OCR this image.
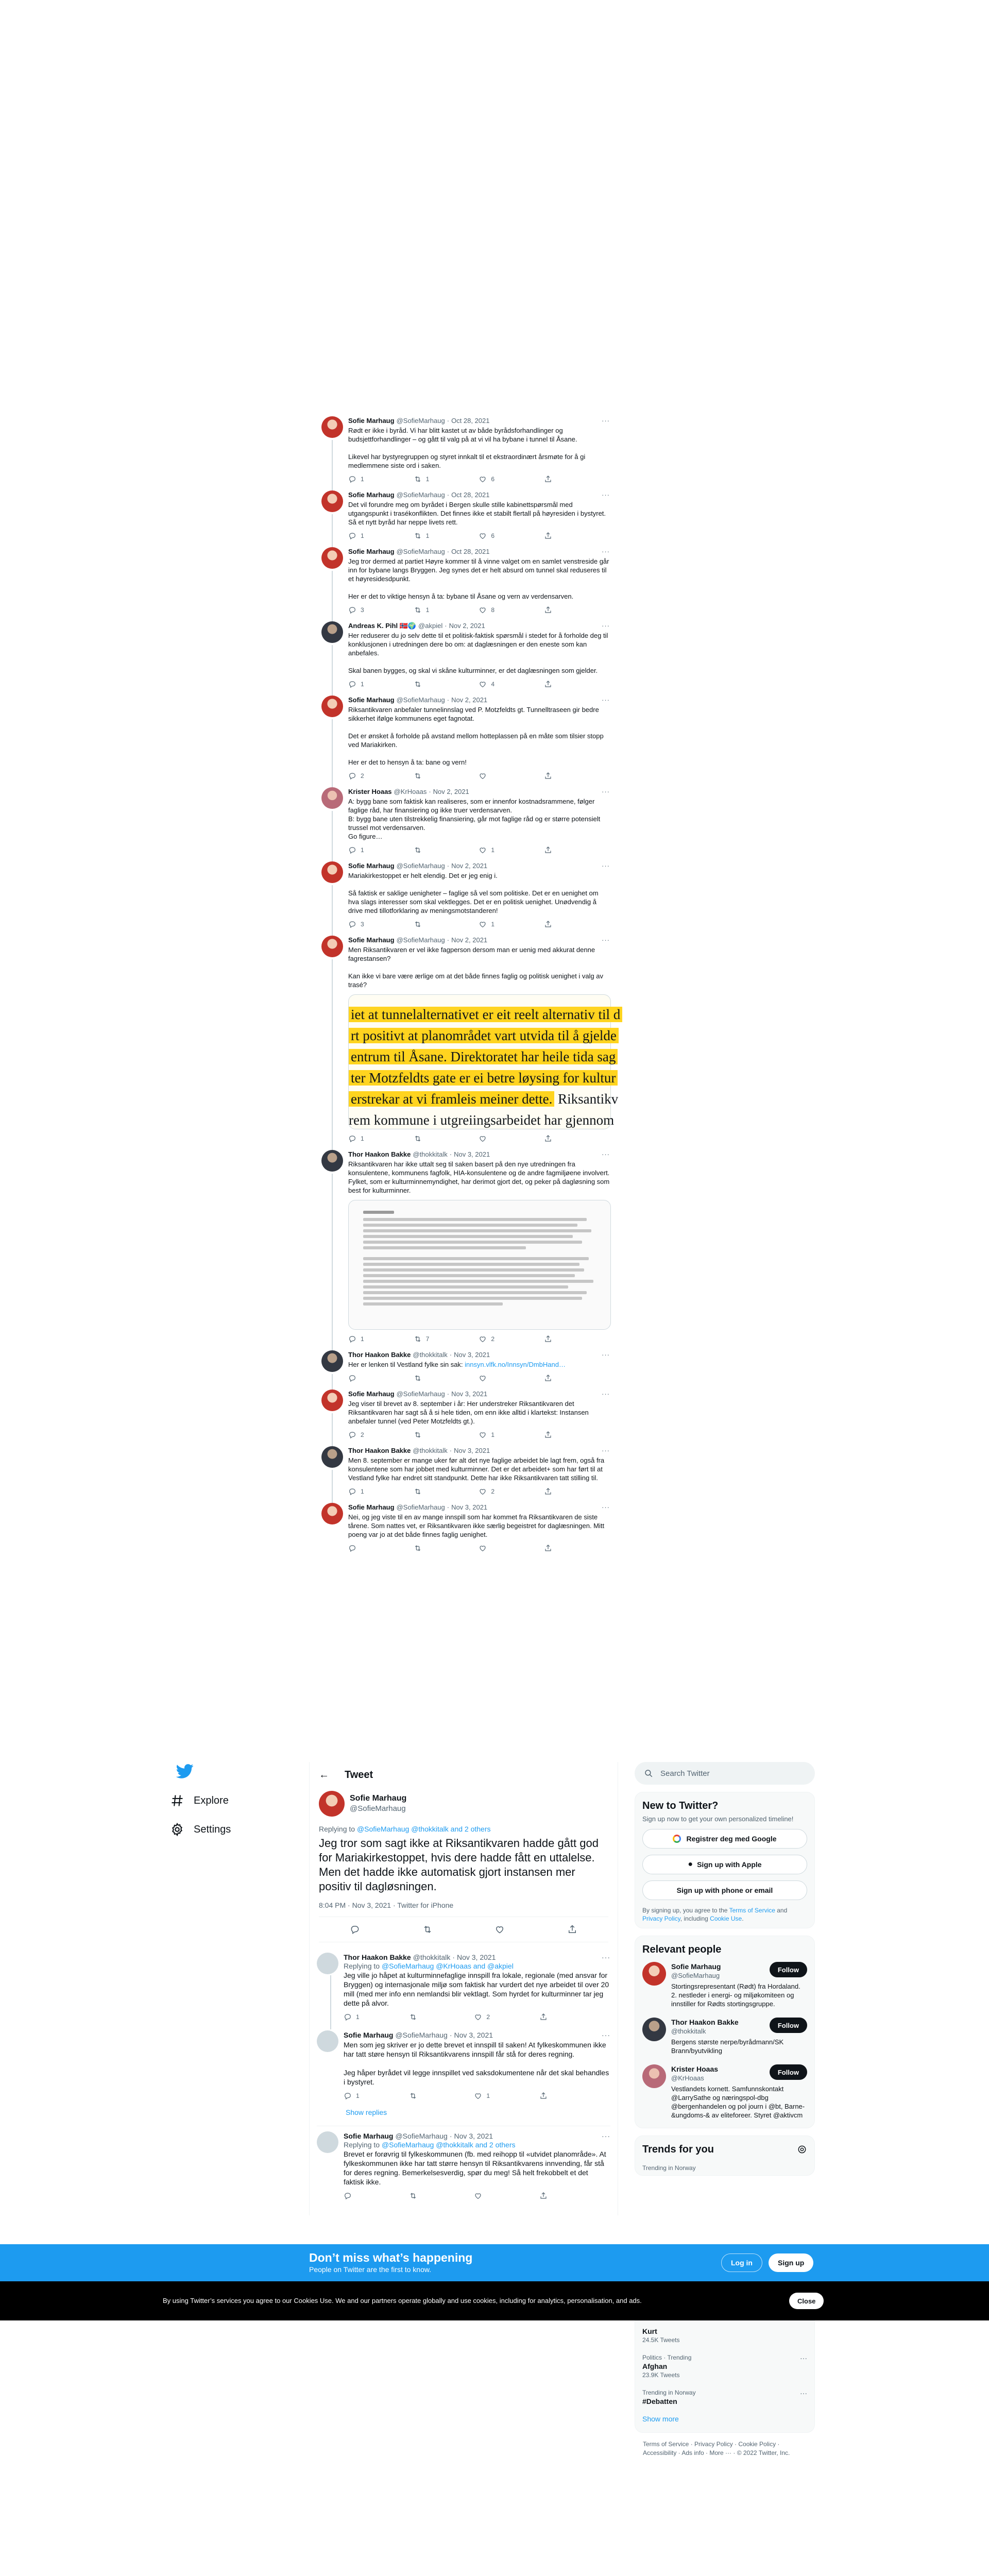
Sofie Marhaug @SofieMarhaug · Oct 28, 2021	···
Rødt er ikke i byråd. Vi har blitt kastet ut av både byrådsforhandlinger og budsjettforhandlinger – og gått til valg på at vi vil ha bybane i tunnel til Åsane.

Likevel har bystyregruppen og styret innkalt til et ekstraordinært årsmøte for å gi medlemmene siste ord i saken.
1	1	6
Sofie Marhaug @SofieMarhaug · Oct 28, 2021	···
Det vil forundre meg om byrådet i Bergen skulle stille kabinettspørsmål med utgangspunkt i trasékonflikten. Det finnes ikke et stabilt flertall på høyresiden i bystyret. Så et nytt byråd har neppe livets rett.
1	1	6
Sofie Marhaug @SofieMarhaug · Oct 28, 2021	···
Jeg tror dermed at partiet Høyre kommer til å vinne valget om en samlet venstreside går inn for bybane langs Bryggen. Jeg synes det er helt absurd om tunnel skal reduseres til et høyresidesdpunkt.

Her er det to viktige hensyn å ta: bybane til Åsane og vern av verdensarven.
3	1	8
Andreas K. Pihl 🇳🇴🌍 @akpiel · Nov 2, 2021	···
Her reduserer du jo selv dette til et politisk-faktisk spørsmål i stedet for å forholde deg til konklusjonen i utredningen dere bo om: at daglæsningen er den eneste som kan anbefales.

Skal banen bygges, og skal vi skåne kulturminner, er det daglæsningen som gjelder.
1	4
Sofie Marhaug @SofieMarhaug · Nov 2, 2021	···
Riksantikvaren anbefaler tunnelinnslag ved P. Motzfeldts gt. Tunnelltraseen gir bedre sikkerhet ifølge kommunens eget fagnotat.

Det er ønsket å forholde på avstand mellom hotteplassen på en måte som tilsier stopp ved Mariakirken.

Her er det to hensyn å ta: bane og vern!
2
Krister Hoaas @KrHoaas · Nov 2, 2021	···
A: bygg bane som faktisk kan realiseres, som er innenfor kostnadsrammene, følger faglige råd, har finansiering og ikke truer verdensarven.
B: bygg bane uten tilstrekkelig finansiering, går mot faglige råd og er større potensielt trussel mot verdensarven.
Go figure…
1	1
Sofie Marhaug @SofieMarhaug · Nov 2, 2021	···
Mariakirkestoppet er helt elendig. Det er jeg enig i.

Så faktisk er saklige uenigheter – faglige så vel som politiske. Det er en uenighet om hva slags interesser som skal vektlegges. Det er en politisk uenighet. Unødvendig å drive med tillotforklaring av meningsmotstanderen!
3	1
Sofie Marhaug @SofieMarhaug · Nov 2, 2021	···
Men Riksantikvaren er vel ikke fagperson dersom man er uenig med akkurat denne fagrestansen?

Kan ikke vi bare være ærlige om at det både finnes faglig og politisk uenighet i valg av trasé?
iet at tunnelalternativet er eit reelt alternativ til d
rt positivt at planområdet vart utvida til å gjelde
entrum til Åsane. Direktoratet har heile tida sag
ter Motzfeldts gate er ei betre løysing for kultur
erstrekar at vi framleis meiner dette. Riksantikv
rem kommune i utgreiingsarbeidet har gjennom
1
Thor Haakon Bakke @thokkitalk · Nov 3, 2021	···
Riksantikvaren har ikke uttalt seg til saken basert på den nye utredningen fra konsulentene, kommunens fagfolk, HIA-konsulentene og de andre fagmiljøene involvert. Fylket, som er kulturminnemyndighet, har derimot gjort det, og peker på dagløsning som best for kulturminner.
1	7	2
Thor Haakon Bakke @thokkitalk · Nov 3, 2021	···
Her er lenken til Vestland fylke sin sak: innsyn.vlfk.no/Innsyn/DmbHand…
Sofie Marhaug @SofieMarhaug · Nov 3, 2021	···
Jeg viser til brevet av 8. september i år: Her understreker Riksantikvaren det Riksantikvaren har sagt så å si hele tiden, om enn ikke alltid i klartekst: Instansen anbefaler tunnel (ved Peter Motzfeldts gt.).
2	1
Thor Haakon Bakke @thokkitalk · Nov 3, 2021	···
Men 8. september er mange uker før alt det nye faglige arbeidet ble lagt frem, også fra konsulentene som har jobbet med kulturminner. Det er det arbeidet+ som har ført til at Vestland fylke har endret sitt standpunkt. Dette har ikke Riksantikvaren tatt stilling til.
1	2
Sofie Marhaug @SofieMarhaug · Nov 3, 2021	···
Nei, og jeg viste til en av mange innspill som har kommet fra Riksantikvaren de siste tårene. Som nattes vet, er Riksantikvaren ikke særlig begeistret for daglæsningen. Mitt poeng var jo at det både finnes faglig uenighet.
Explore
Settings
← Tweet
Sofie Marhaug
@SofieMarhaug
Replying to @SofieMarhaug @thokkitalk and 2 others
Jeg tror som sagt ikke at Riksantikvaren hadde gått god for Mariakirkestoppet, hvis dere hadde fått en uttalelse. Men det hadde ikke automatisk gjort instansen mer positiv til dagløsningen.
8:04 PM · Nov 3, 2021 · Twitter for iPhone
Thor Haakon Bakke @thokkitalk · Nov 3, 2021	···
Replying to @SofieMarhaug @KrHoaas and @akpiel
Jeg ville jo håpet at kulturminnefaglige innspill fra lokale, regionale (med ansvar for Bryggen) og internasjonale miljø som faktisk har vurdert det nye arbeidet til over 20 mill (med mer info enn nemlandsi blir vektlagt. Som hyrdet for kulturminner tar jeg dette på alvor.
1	2
Sofie Marhaug @SofieMarhaug · Nov 3, 2021	···
Men som jeg skriver er jo dette brevet et innspill til saken! At fylkeskommunen ikke har tatt støre hensyn til Riksantikvarens innspill får stå for deres regning.

Jeg håper byrådet vil legge innspillet ved saksdokumentene når det skal behandles i bystyret.
1	1
Show replies
Sofie Marhaug @SofieMarhaug · Nov 3, 2021	···
Replying to @SofieMarhaug @thokkitalk and 2 others
Brevet er forøvrig til fylkeskommunen (fb. med reihopp til «utvidet planområde». At fylkeskommunen ikke har tatt større hensyn til Riksantikvarens innvending, får stå for deres regning. Bemerkelsesverdig, spør du meg! Så helt frekobbelt et det faktisk ikke.
Search Twitter
New to Twitter?
Sign up now to get your own personalized timeline!
Registrer deg med Google
● Sign up with Apple
Sign up with phone or email
By signing up, you agree to the Terms of Service and Privacy Policy, including Cookie Use.
Relevant people
Sofie Marhaug
@SofieMarhaug
Follow
Stortingsrepresentant (Rødt) fra Hordaland. 2. nestleder i energi- og miljøkomiteen og innstiller for Rødts stortingsgruppe.
Thor Haakon Bakke
@thokkitalk
Follow
Bergens største nerpe/byrådmann/SK Brann/byutvikling
Krister Hoaas
@KrHoaas
Follow
Vestlandets kornett. Samfunnskontakt @LarrySathe og næringspol-dbg @bergenhandelen og pol journ i @bt, Barne-&ungdoms-& av eliteforeer. Styret @aktivcm
Trends for you
Trending in Norway
Don’t miss what’s happening
People on Twitter are the first to know.
Log in	Sign up
By using Twitter’s services you agree to our Cookies Use. We and our partners operate globally and use cookies, including for analytics, personalisation, and ads.	Close
Kurt
24.5K Tweets
Politics · Trending
Afghan
23.9K Tweets
···
Trending in Norway
#Debatten
···
Show more
Terms of Service · Privacy Policy · Cookie Policy · Accessibility · Ads info · More ··· · © 2022 Twitter, Inc.
